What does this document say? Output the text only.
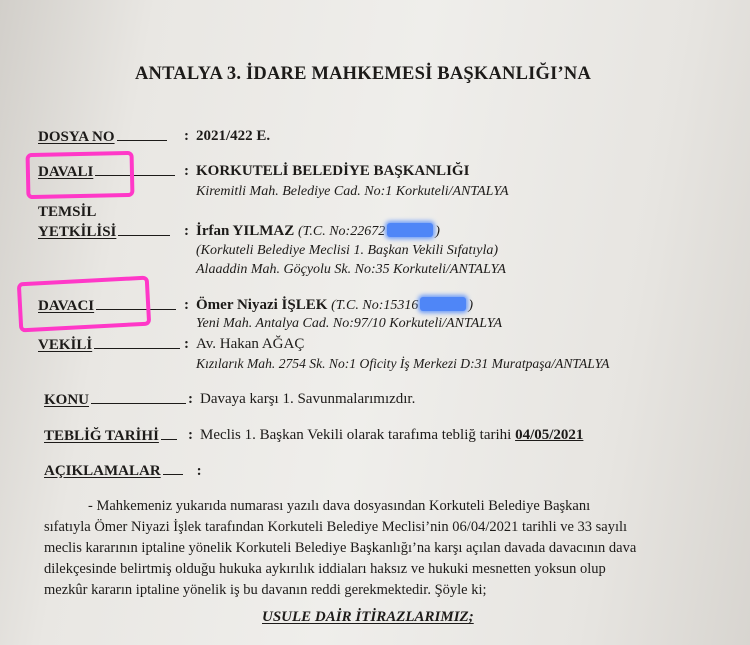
ANTALYA 3. İDARE MAHKEMESİ BAŞKANLIĞI’NA
DOSYA NO	: 2021/422 E.
DAVALI	: KORKUTELİ BELEDİYE BAŞKANLIĞI
Kiremitli Mah. Belediye Cad. No:1 Korkuteli/ANTALYA
TEMSİL
YETKİLİSİ	: İrfan YILMAZ (T.C. No:22672	)
(Korkuteli Belediye Meclisi 1. Başkan Vekili Sıfatıyla)
Alaaddin Mah. Göçyolu Sk. No:35 Korkuteli/ANTALYA
DAVACI	: Ömer Niyazi İŞLEK (T.C. No:15316	)
Yeni Mah. Antalya Cad. No:97/10 Korkuteli/ANTALYA
VEKİLİ	: Av. Hakan AĞAÇ
Kızılarık Mah. 2754 Sk. No:1 Oficity İş Merkezi D:31 Muratpaşa/ANTALYA
KONU	: Davaya karşı 1. Savunmalarımızdır.
TEBLİĞ TARİHİ	: Meclis 1. Başkan Vekili olarak tarafıma tebliğ tarihi 04/05/2021
AÇIKLAMALAR :
- Mahkemeniz yukarıda numarası yazılı dava dosyasından Korkuteli Belediye Başkanı
sıfatıyla Ömer Niyazi İşlek tarafından Korkuteli Belediye Meclisi’nin 06/04/2021 tarihli ve 33 sayılı
meclis kararının iptaline yönelik Korkuteli Belediye Başkanlığı’na karşı açılan davada davacının dava
dilekçesinde belirtmiş olduğu hukuka aykırılık iddiaları haksız ve hukuki mesnetten yoksun olup
mezkûr kararın iptaline yönelik iş bu davanın reddi gerekmektedir. Şöyle ki;
USULE DAİR İTİRAZLARIMIZ;
